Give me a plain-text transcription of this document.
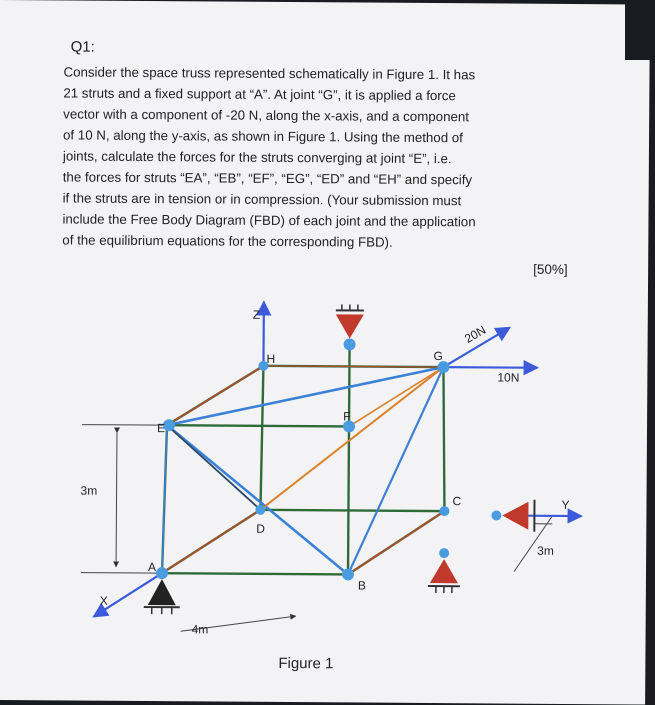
Q1:

Consider the space truss represented schematically in Figure 1. It has
21 struts and a fixed support at “A”. At joint “G”, it is applied a force
vector with a component of -20 N, along the x-axis, and a component
of 10 N, along the y-axis, as shown in Figure 1. Using the method of
joints, calculate the forces for the struts converging at joint “E”, i.e.
the forces for struts “EA”, “EB”, “EF”, “EG”, “ED” and “EH” and specify
if the struts are in tension or in compression. (Your submission must
include the Free Body Diagram (FBD) of each joint and the application
of the equilibrium equations for the corresponding FBD).

[50%]
Z
Y
X
H	G
E
F
D
C
A
B
20N
10N
3m
3m
4m
Figure 1
